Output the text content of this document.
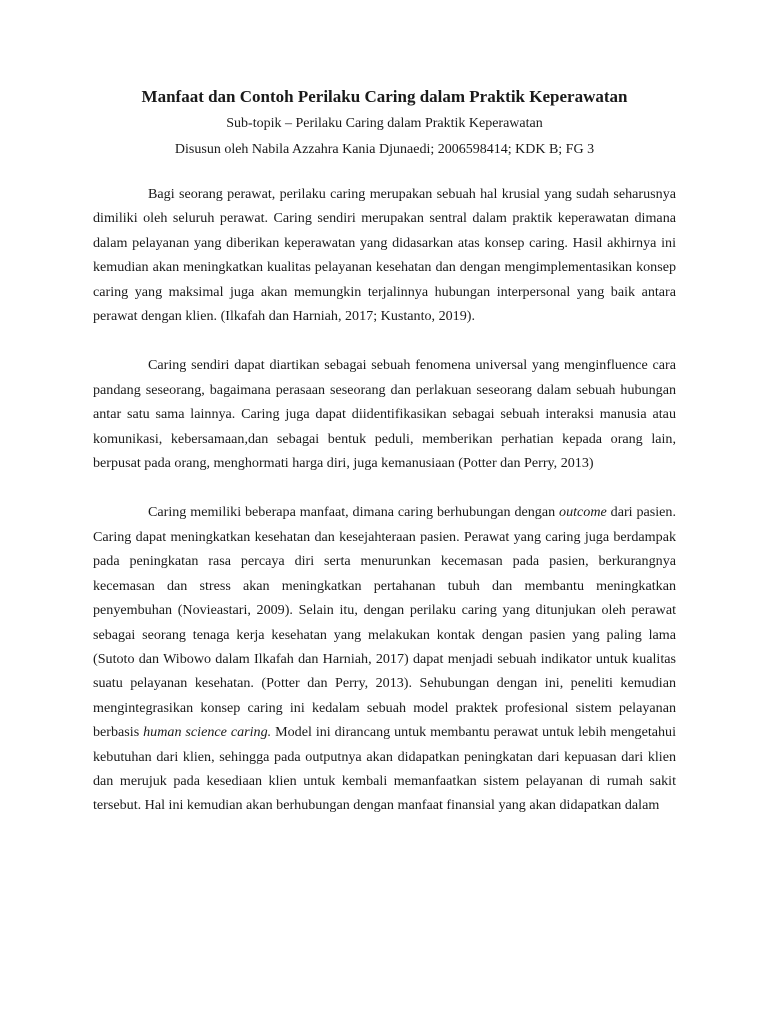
Manfaat dan Contoh Perilaku Caring dalam Praktik Keperawatan

Sub-topik – Perilaku Caring dalam Praktik Keperawatan

Disusun oleh Nabila Azzahra Kania Djunaedi; 2006598414; KDK B; FG 3

Bagi seorang perawat, perilaku caring merupakan sebuah hal krusial yang sudah seharusnya dimiliki oleh seluruh perawat. Caring sendiri merupakan sentral dalam praktik keperawatan dimana dalam pelayanan yang diberikan keperawatan yang didasarkan atas konsep caring. Hasil akhirnya ini kemudian akan meningkatkan kualitas pelayanan kesehatan dan dengan mengimplementasikan konsep caring yang maksimal juga akan memungkin terjalinnya hubungan interpersonal yang baik antara perawat dengan klien. (Ilkafah dan Harniah, 2017; Kustanto, 2019).

Caring sendiri dapat diartikan sebagai sebuah fenomena universal yang menginfluence cara pandang seseorang, bagaimana perasaan seseorang dan perlakuan seseorang dalam sebuah hubungan antar satu sama lainnya. Caring juga dapat diidentifikasikan sebagai sebuah interaksi manusia atau komunikasi, kebersamaan,dan sebagai bentuk peduli, memberikan perhatian kepada orang lain, berpusat pada orang, menghormati harga diri, juga kemanusiaan (Potter dan Perry, 2013)

Caring memiliki beberapa manfaat, dimana caring berhubungan dengan outcome dari pasien. Caring dapat meningkatkan kesehatan dan kesejahteraan pasien. Perawat yang caring juga berdampak pada peningkatan rasa percaya diri serta menurunkan kecemasan pada pasien, berkurangnya kecemasan dan stress akan meningkatkan pertahanan tubuh dan membantu meningkatkan penyembuhan (Novieastari, 2009). Selain itu, dengan perilaku caring yang ditunjukan oleh perawat sebagai seorang tenaga kerja kesehatan yang melakukan kontak dengan pasien yang paling lama (Sutoto dan Wibowo dalam Ilkafah dan Harniah, 2017) dapat menjadi sebuah indikator untuk kualitas suatu pelayanan kesehatan. (Potter dan Perry, 2013). Sehubungan dengan ini, peneliti kemudian mengintegrasikan konsep caring ini kedalam sebuah model praktek profesional sistem pelayanan berbasis human science caring. Model ini dirancang untuk membantu perawat untuk lebih mengetahui kebutuhan dari klien, sehingga pada outputnya akan didapatkan peningkatan dari kepuasan dari klien dan merujuk pada kesediaan klien untuk kembali memanfaatkan sistem pelayanan di rumah sakit tersebut. Hal ini kemudian akan berhubungan dengan manfaat finansial yang akan didapatkan dalam
